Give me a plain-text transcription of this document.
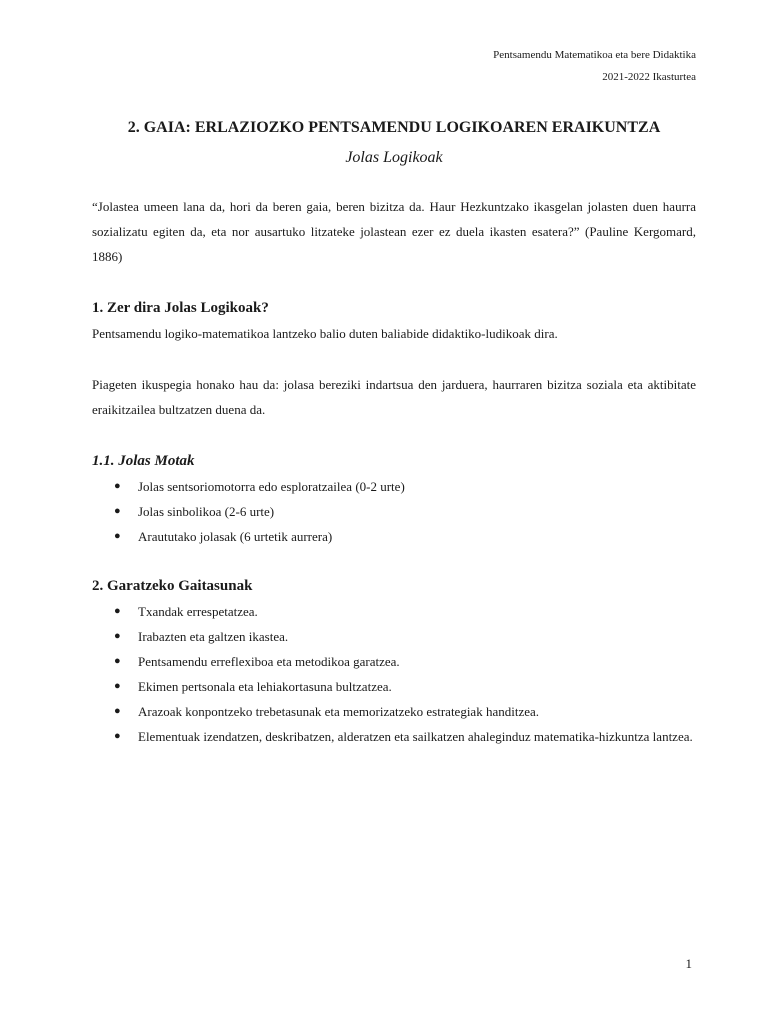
Pentsamendu Matematikoa eta bere Didaktika
2021-2022 Ikasturtea
2. GAIA: ERLAZIOZKO PENTSAMENDU LOGIKOAREN ERAIKUNTZA

Jolas Logikoak

“Jolastea umeen lana da, hori da beren gaia, beren bizitza da. Haur Hezkuntzako ikasgelan jolasten duen haurra sozializatu egiten da, eta nor ausartuko litzateke jolastean ezer ez duela ikasten esatera?” (Pauline Kergomard, 1886)

1. Zer dira Jolas Logikoak?

Pentsamendu logiko-matematikoa lantzeko balio duten baliabide didaktiko-ludikoak dira.

Piageten ikuspegia honako hau da: jolasa bereziki indartsua den jarduera, haurraren bizitza soziala eta aktibitate eraikitzailea bultzatzen duena da.

1.1. Jolas Motak
● Jolas sentsoriomotorra edo esploratzailea (0-2 urte)
● Jolas sinbolikoa (2-6 urte)
● Araututako jolasak (6 urtetik aurrera)
2. Garatzeko Gaitasunak
● Txandak errespetatzea.
● Irabazten eta galtzen ikastea.
● Pentsamendu erreflexiboa eta metodikoa garatzea.
● Ekimen pertsonala eta lehiakortasuna bultzatzea.
● Arazoak konpontzeko trebetasunak eta memorizatzeko estrategiak handitzea.
● Elementuak izendatzen, deskribatzen, alderatzen eta sailkatzen ahaleginduz matematika-hizkuntza lantzea.
1
